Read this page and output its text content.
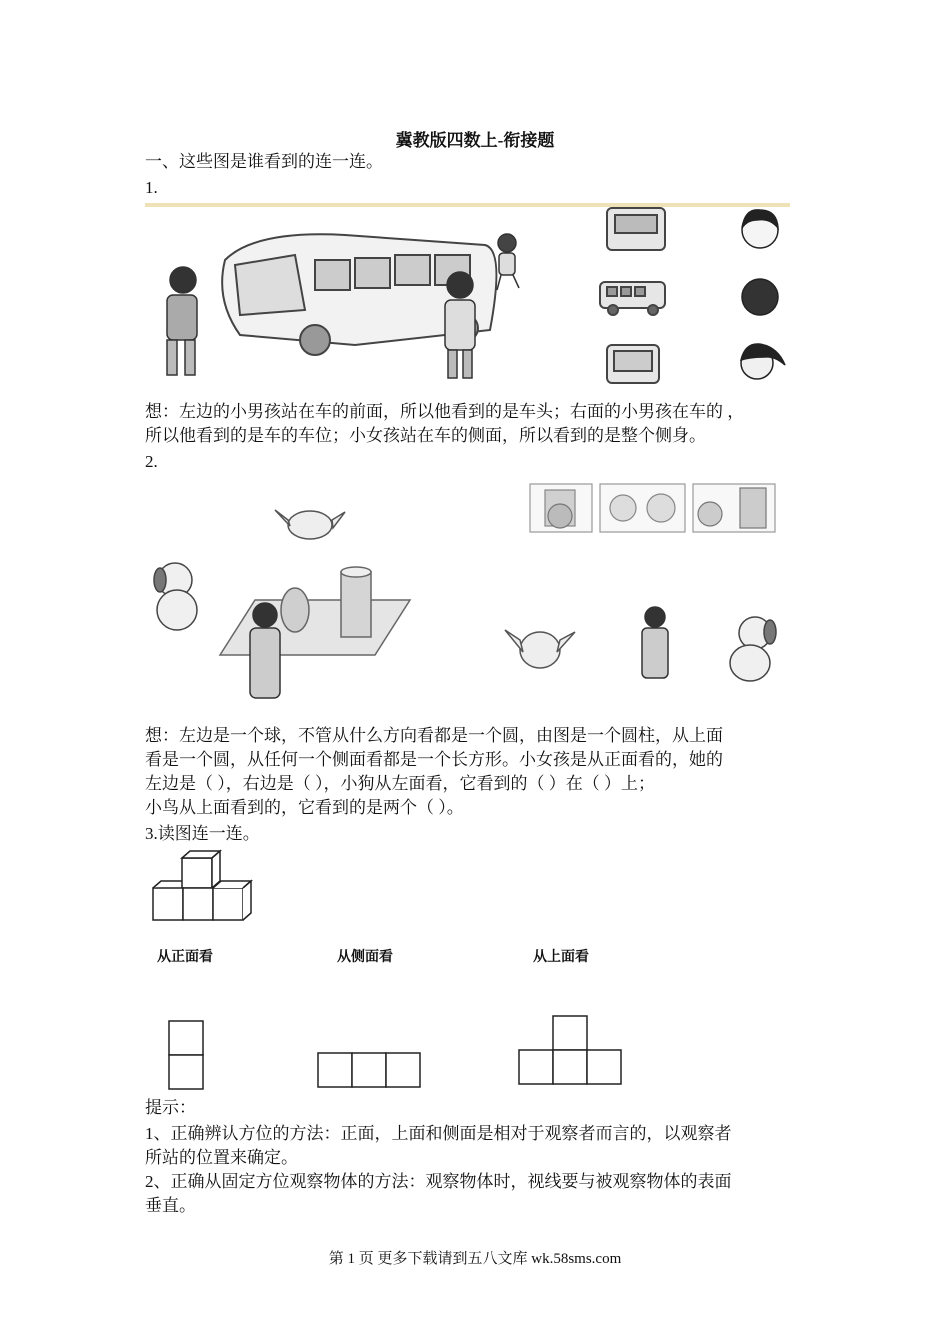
冀教版四数上-衔接题
一、这些图是谁看到的连一连。
1.
想：左边的小男孩站在车的前面，所以他看到的是车头；右面的小男孩在车的 ，
所以他看到的是车的车位；小女孩站在车的侧面，所以看到的是整个侧身。
2.
想：左边是一个球，不管从什么方向看都是一个圆，由图是一个圆柱，从上面
看是一个圆，从任何一个侧面看都是一个长方形。小女孩是从正面看的，她的
左边是（ ），右边是（ ），小狗从左面看，它看到的（ ）在（ ）上；
小鸟从上面看到的，它看到的是两个（ ）。
3.读图连一连。
从正面看	从侧面看	从上面看
提示：
1、正确辨认方位的方法：正面，上面和侧面是相对于观察者而言的，以观察者
所站的位置来确定。
2、正确从固定方位观察物体的方法：观察物体时，视线要与被观察物体的表面
垂直。
第 1 页 更多下载请到五八文库 wk.58sms.com
